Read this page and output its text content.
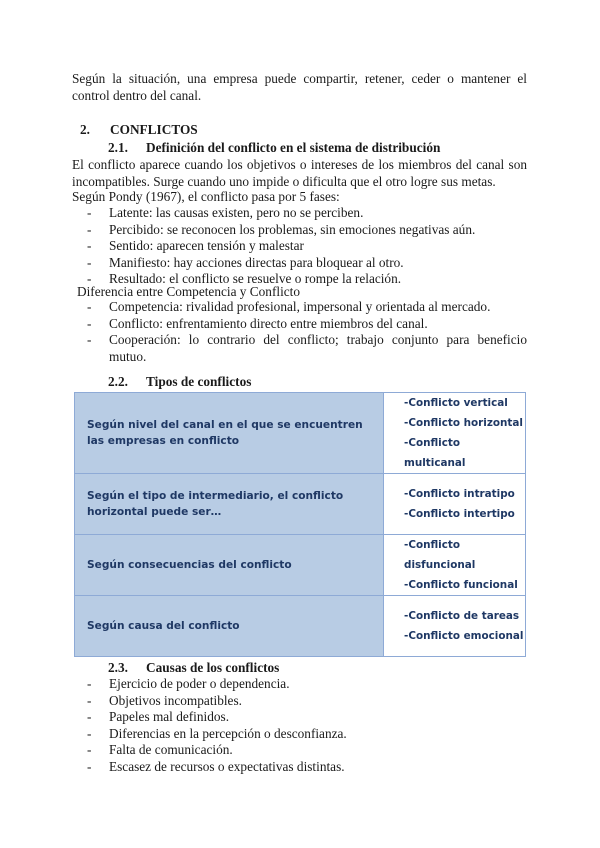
Según la situación, una empresa puede compartir, retener, ceder o mantener el control dentro del canal.

2. CONFLICTOS
2.1. Definición del conflicto en el sistema de distribución

El conflicto aparece cuando los objetivos o intereses de los miembros del canal son incompatibles. Surge cuando uno impide o dificulta que el otro logre sus metas.

Según Pondy (1967), el conflicto pasa por 5 fases:
- Latente: las causas existen, pero no se perciben.
- Percibido: se reconocen los problemas, sin emociones negativas aún.
- Sentido: aparecen tensión y malestar
- Manifiesto: hay acciones directas para bloquear al otro.
- Resultado: el conflicto se resuelve o rompe la relación.
Diferencia entre Competencia y Conflicto
- Competencia: rivalidad profesional, impersonal y orientada al mercado.
- Conflicto: enfrentamiento directo entre miembros del canal.
- Cooperación: lo contrario del conflicto; trabajo conjunto para beneficio mutuo.
2.2. Tipos de conflictos
Según nivel del canal en el que se encuentren las empresas en conflicto	-Conflicto vertical
-Conflicto horizontal
-Conflicto multicanal

Según el tipo de intermediario, el conflicto horizontal puede ser…	-Conflicto intratipo
-Conflicto intertipo

Según consecuencias del conflicto	-Conflicto disfuncional
-Conflicto funcional

Según causa del conflicto	-Conflicto de tareas
-Conflicto emocional
2.3. Causas de los conflictos
- Ejercicio de poder o dependencia.
- Objetivos incompatibles.
- Papeles mal definidos.
- Diferencias en la percepción o desconfianza.
- Falta de comunicación.
- Escasez de recursos o expectativas distintas.
